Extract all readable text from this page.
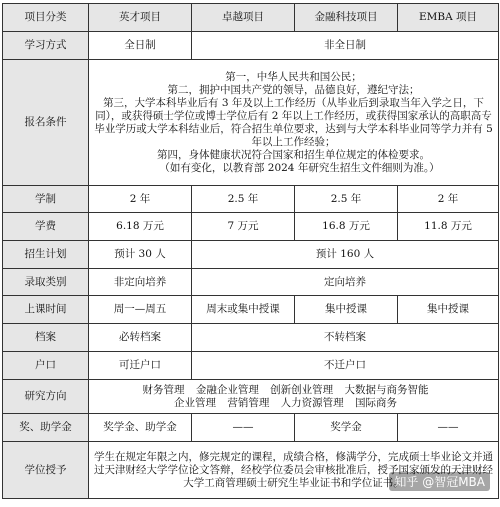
项目分类	英才项目	卓越项目	金融科技项目	EMBA 项目
学习方式	全日制	非全日制		
报名条件	第一，中华人民共和国公民；
第二，拥护中国共产党的领导，品德良好，遵纪守法；
第三，大学本科毕业后有 3 年及以上工作经历（从毕业后到录取当年入学之日，下同），或获得硕士学位或博士学位后有 2 年以上工作经历，或获得国家承认的高职高专毕业学历或大学本科结业后，符合招生单位要求，达到与大学本科毕业同等学力并有 5 年以上工作经验；
第四，身体健康状况符合国家和招生单位规定的体检要求。
（如有变化，以教育部 2024 年研究生招生文件细则为准。）			

学制	2 年	2.5 年	2.5 年	2 年
学费	6.18 万元	7 万元	16.8 万元	11.8 万元
招生计划	预计 30 人	预计 160 人		
录取类别	非定向培养	定向培养		
上课时间	周一—周五	周末或集中授课	集中授课	集中授课
档案	必转档案	不转档案		
户口	可迁户口	不迁户口		
研究方向	财务管理 金融企业管理 创新创业管理 大数据与商务智能
企业管理 营销管理 人力资源管理 国际商务			

奖、助学金	奖学金、助学金	——	奖学金	——
学位授予	学生在规定年限之内，修完规定的课程，成绩合格，修满学分，完成硕士毕业论文并通过天津财经大学学位论文答辩，经校学位委员会审核批准后，授予国家颁发的天津财经大学工商管理硕士研究生毕业证书和学位证书。			
知乎 @智冠MBA
